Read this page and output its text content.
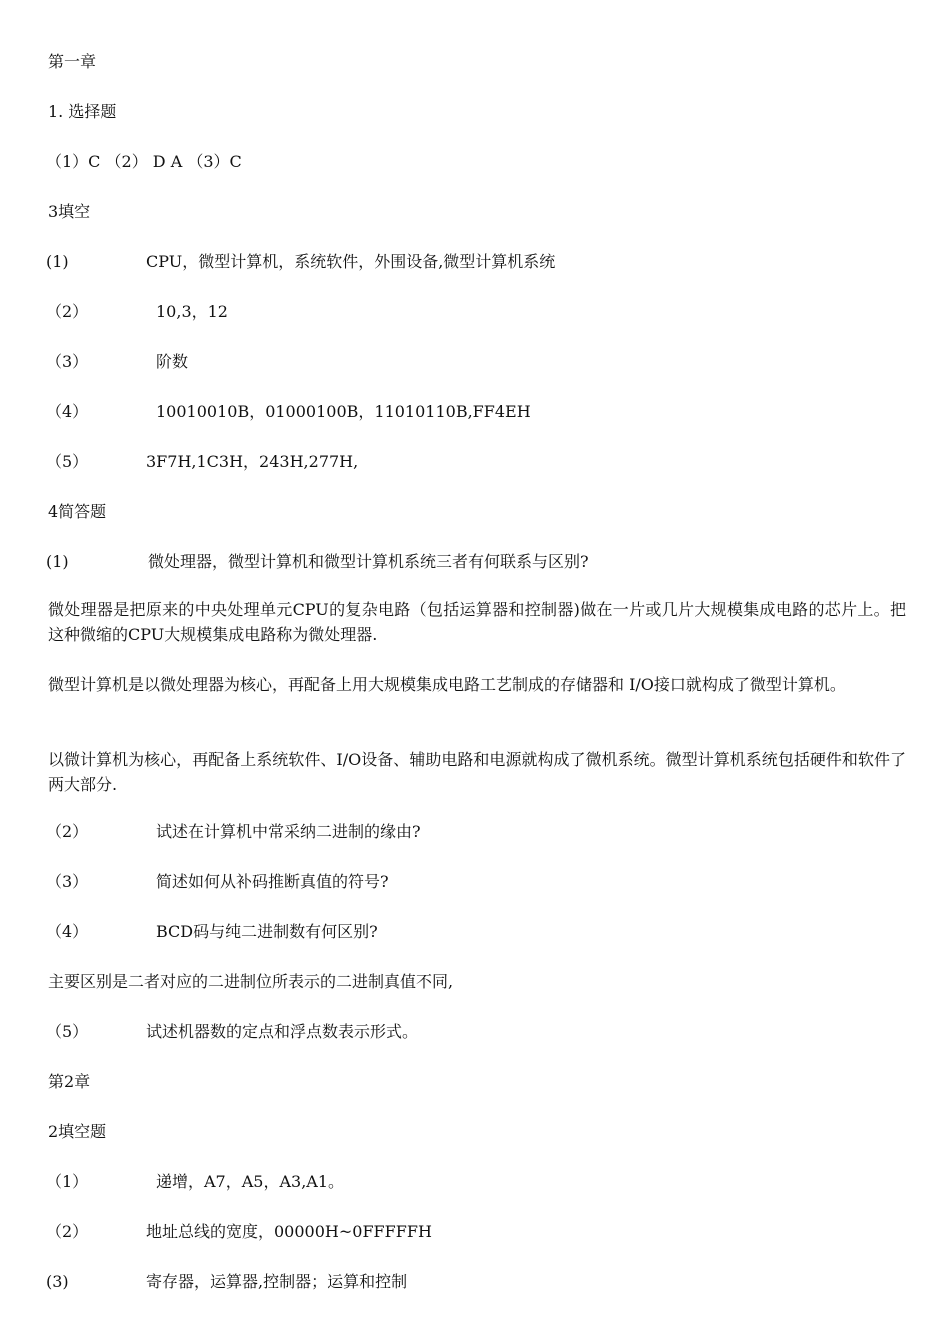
第一章
1. 选择题
（1）C （2） D A （3）C
3填空
(1)	CPU，微型计算机，系统软件，外围设备,微型计算机系统
（2）	10,3，12
（3）	阶数
（4）	10010010B，01000100B，11010110B,FF4EH
（5）	3F7H,1C3H，243H,277H,
4简答题
(1)	微处理器，微型计算机和微型计算机系统三者有何联系与区别?
微处理器是把原来的中央处理单元CPU的复杂电路（包括运算器和控制器)做在一片或几片大规模集成电路的芯片上。把这种微缩的CPU大规模集成电路称为微处理器.
微型计算机是以微处理器为核心，再配备上用大规模集成电路工艺制成的存储器和 I/O接口就构成了微型计算机。
以微计算机为核心，再配备上系统软件、I/O设备、辅助电路和电源就构成了微机系统。微型计算机系统包括硬件和软件了两大部分.
（2）	试述在计算机中常采纳二进制的缘由?
（3）	简述如何从补码推断真值的符号?
（4）	BCD码与纯二进制数有何区别?
主要区别是二者对应的二进制位所表示的二进制真值不同,
（5）	试述机器数的定点和浮点数表示形式。
第2章
2填空题
（1）	递增，A7，A5，A3,A1。
（2）	地址总线的宽度，00000H~0FFFFFH
(3)	寄存器，运算器,控制器；运算和控制
